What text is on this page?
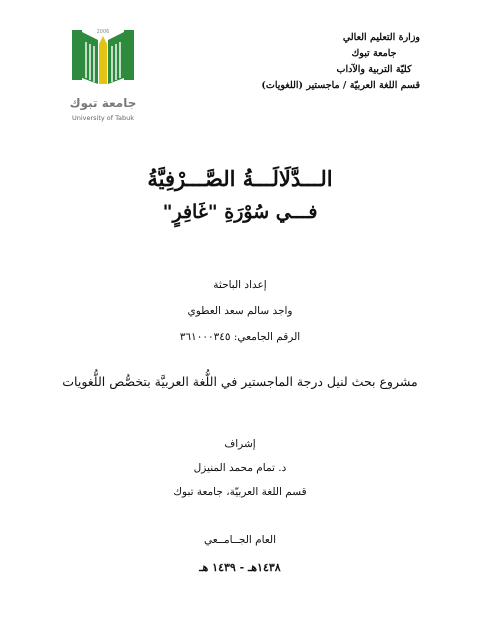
2006
جامعة تبوك
University of Tabuk
وزارة التعليم العالي
جامعة تبوك
كليّة التربية والآداب
قسم اللغة العربيّة / ماجستير (اللغويات)
الـــدَّلَالَـــةُ الصَّـــرْفِيَّةُ
فـــي سُوْرَةِ "غَافِرٍ"
إعداد الباحثة
واجد سالم سعد العطوي
الرقم الجامعي: ٣٦١٠٠٠٣٤٥
مشروع بحث لنيل درجة الماجستير في اللُّغة العربيَّة بتخصُّص اللُّغويات
إشراف
د. تمام محمد المنيزل
قسم اللغة العربيّة، جامعة تبوك
العام الجــامــعي
١٤٣٨هـ - ١٤٣٩ هـ
